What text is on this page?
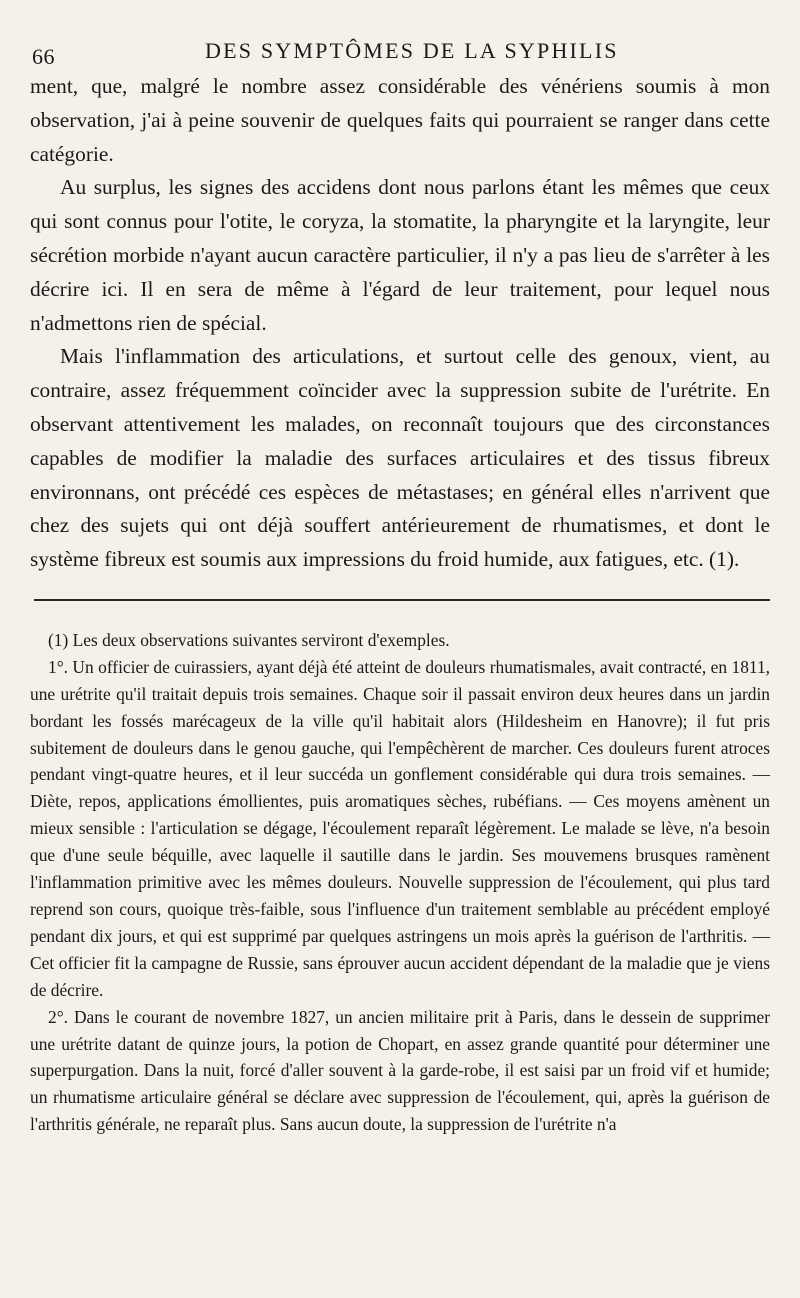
66	DES SYMPTÔMES DE LA SYPHILIS

ment, que, malgré le nombre assez considérable des vénériens soumis à mon observation, j'ai à peine souvenir de quelques faits qui pourraient se ranger dans cette catégorie.

Au surplus, les signes des accidens dont nous parlons étant les mêmes que ceux qui sont connus pour l'otite, le coryza, la stomatite, la pharyngite et la laryngite, leur sécrétion morbide n'ayant aucun caractère particulier, il n'y a pas lieu de s'arrêter à les décrire ici. Il en sera de même à l'égard de leur traitement, pour lequel nous n'admettons rien de spécial.

Mais l'inflammation des articulations, et surtout celle des genoux, vient, au contraire, assez fréquemment coïncider avec la suppression subite de l'urétrite. En observant attentivement les malades, on reconnaît toujours que des circonstances capables de modifier la maladie des surfaces articulaires et des tissus fibreux environnans, ont précédé ces espèces de métastases; en général elles n'arrivent que chez des sujets qui ont déjà souffert antérieurement de rhumatismes, et dont le système fibreux est soumis aux impressions du froid humide, aux fatigues, etc. (1).

(1) Les deux observations suivantes serviront d'exemples.

1°. Un officier de cuirassiers, ayant déjà été atteint de douleurs rhumatismales, avait contracté, en 1811, une urétrite qu'il traitait depuis trois semaines. Chaque soir il passait environ deux heures dans un jardin bordant les fossés marécageux de la ville qu'il habitait alors (Hildesheim en Hanovre); il fut pris subitement de douleurs dans le genou gauche, qui l'empêchèrent de marcher. Ces douleurs furent atroces pendant vingt-quatre heures, et il leur succéda un gonflement considérable qui dura trois semaines. — Diète, repos, applications émollientes, puis aromatiques sèches, rubéfians. — Ces moyens amènent un mieux sensible : l'articulation se dégage, l'écoulement reparaît légèrement. Le malade se lève, n'a besoin que d'une seule béquille, avec laquelle il sautille dans le jardin. Ses mouvemens brusques ramènent l'inflammation primitive avec les mêmes douleurs. Nouvelle suppression de l'écoulement, qui plus tard reprend son cours, quoique très-faible, sous l'influence d'un traitement semblable au précédent employé pendant dix jours, et qui est supprimé par quelques astringens un mois après la guérison de l'arthritis. — Cet officier fit la campagne de Russie, sans éprouver aucun accident dépendant de la maladie que je viens de décrire.

2°. Dans le courant de novembre 1827, un ancien militaire prit à Paris, dans le dessein de supprimer une urétrite datant de quinze jours, la potion de Chopart, en assez grande quantité pour déterminer une superpurgation. Dans la nuit, forcé d'aller souvent à la garde-robe, il est saisi par un froid vif et humide; un rhumatisme articulaire général se déclare avec suppression de l'écoulement, qui, après la guérison de l'arthritis générale, ne reparaît plus. Sans aucun doute, la suppression de l'urétrite n'a
